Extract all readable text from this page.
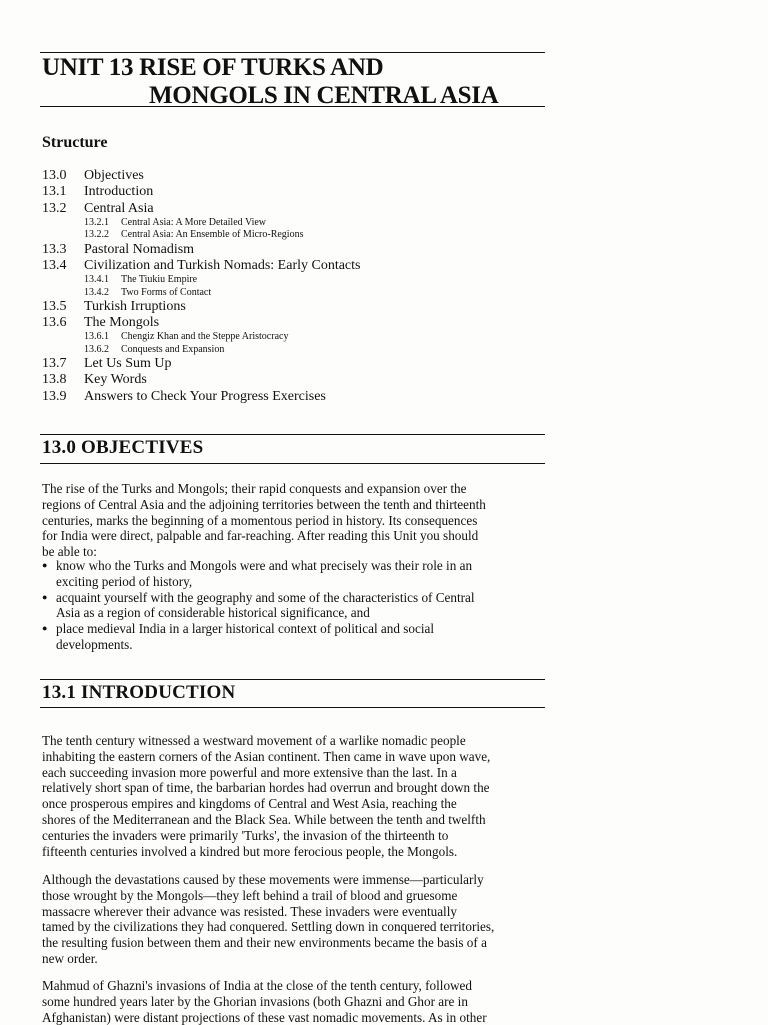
UNIT 13 RISE OF TURKS AND
MONGOLS IN CENTRAL ASIA
Structure
13.0	Objectives
13.1	Introduction
13.2	Central Asia
13.2.1	Central Asia: A More Detailed View
13.2.2	Central Asia: An Ensemble of Micro-Regions
13.3	Pastoral Nomadism
13.4	Civilization and Turkish Nomads: Early Contacts
13.4.1	The Tiukiu Empire
13.4.2	Two Forms of Contact
13.5	Turkish Irruptions
13.6	The Mongols
13.6.1	Chengiz Khan and the Steppe Aristocracy
13.6.2	Conquests and Expansion
13.7	Let Us Sum Up
13.8	Key Words
13.9	Answers to Check Your Progress Exercises
13.0 OBJECTIVES

The rise of the Turks and Mongols; their rapid conquests and expansion over the
regions of Central Asia and the adjoining territories between the tenth and thirteenth
centuries, marks the beginning of a momentous period in history. Its consequences
for India were direct, palpable and far-reaching. After reading this Unit you should
be able to:

● know who the Turks and Mongols were and what precisely was their role in an
exciting period of history,
● acquaint yourself with the geography and some of the characteristics of Central
Asia as a region of considerable historical significance, and
● place medieval India in a larger historical context of political and social
developments.
13.1 INTRODUCTION

The tenth century witnessed a westward movement of a warlike nomadic people
inhabiting the eastern corners of the Asian continent. Then came in wave upon wave,
each succeeding invasion more powerful and more extensive than the last. In a
relatively short span of time, the barbarian hordes had overrun and brought down the
once prosperous empires and kingdoms of Central and West Asia, reaching the
shores of the Mediterranean and the Black Sea. While between the tenth and twelfth
centuries the invaders were primarily 'Turks', the invasion of the thirteenth to
fifteenth centuries involved a kindred but more ferocious people, the Mongols.

Although the devastations caused by these movements were immense—particularly
those wrought by the Mongols—they left behind a trail of blood and gruesome
massacre wherever their advance was resisted. These invaders were eventually
tamed by the civilizations they had conquered. Settling down in conquered territories,
the resulting fusion between them and their new environments became the basis of a
new order.

Mahmud of Ghazni's invasions of India at the close of the tenth century, followed
some hundred years later by the Ghorian invasions (both Ghazni and Ghor are in
Afghanistan) were distant projections of these vast nomadic movements. As in other
